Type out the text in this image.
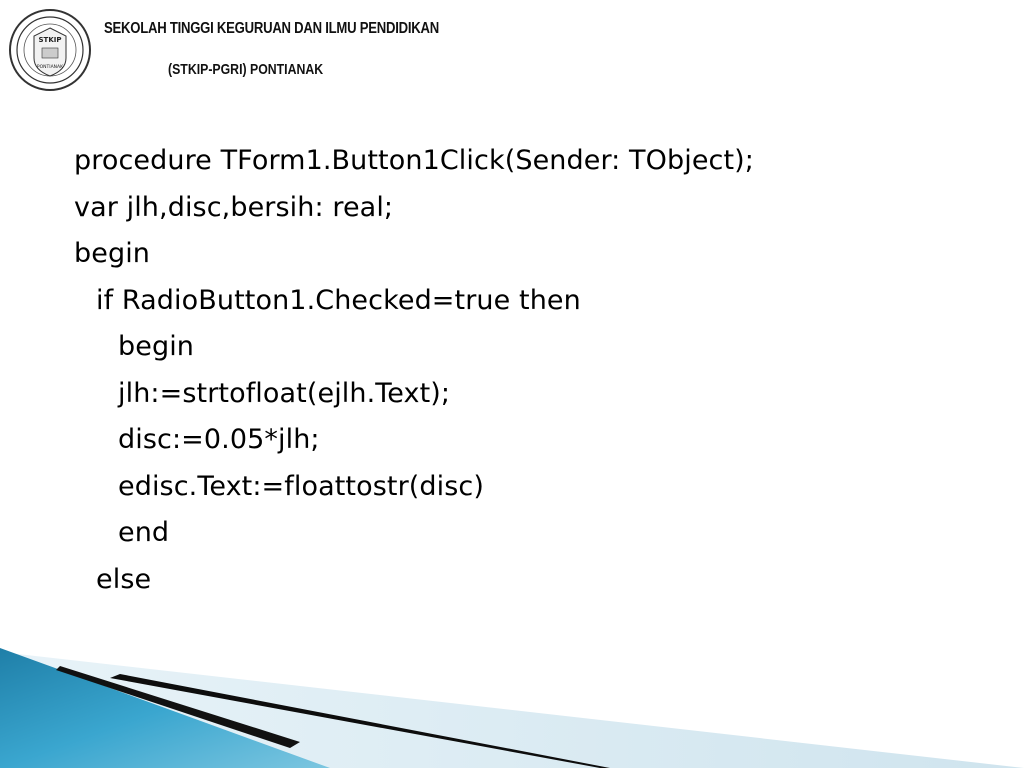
STKIP
PONTIANAK
SEKOLAH TINGGI KEGURUAN DAN ILMU PENDIDIKAN
(STKIP-PGRI) PONTIANAK
procedure TForm1.Button1Click(Sender: TObject);
var jlh,disc,bersih: real;
begin
if RadioButton1.Checked=true then
begin
jlh:=strtofloat(ejlh.Text);
disc:=0.05*jlh;
edisc.Text:=floattostr(disc)
end
else
